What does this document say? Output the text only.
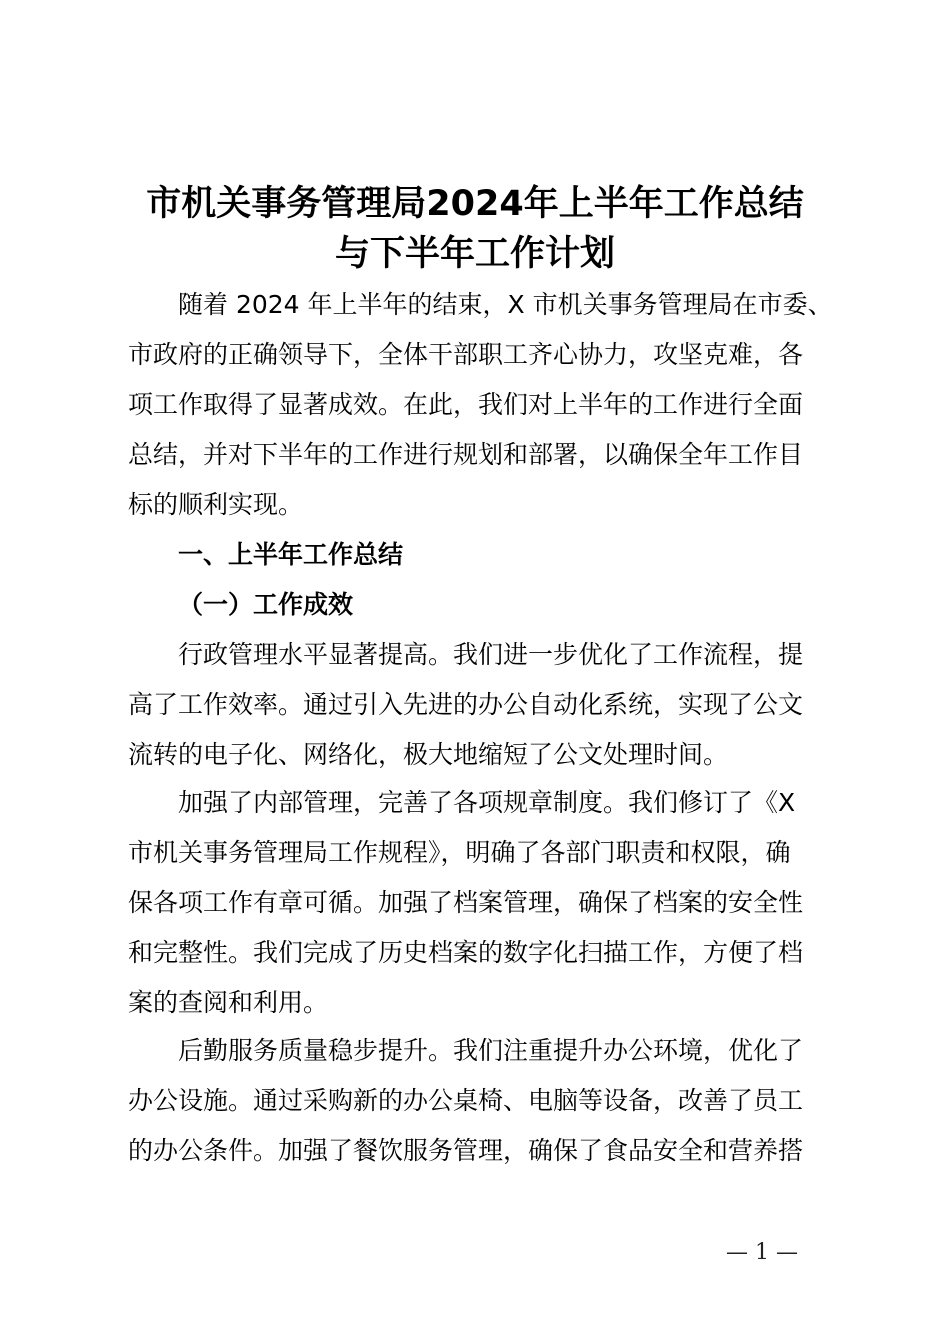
市机关事务管理局2024年上半年工作总结
与下半年工作计划
随着 2024 年上半年的结束，X 市机关事务管理局在市委、
市政府的正确领导下，全体干部职工齐心协力，攻坚克难，各
项工作取得了显著成效。在此，我们对上半年的工作进行全面
总结，并对下半年的工作进行规划和部署，以确保全年工作目
标的顺利实现。
一、上半年工作总结
（一）工作成效
行政管理水平显著提高。我们进一步优化了工作流程，提
高了工作效率。通过引入先进的办公自动化系统，实现了公文
流转的电子化、网络化，极大地缩短了公文处理时间。
加强了内部管理，完善了各项规章制度。我们修订了《X
市机关事务管理局工作规程》，明确了各部门职责和权限，确
保各项工作有章可循。加强了档案管理，确保了档案的安全性
和完整性。我们完成了历史档案的数字化扫描工作，方便了档
案的查阅和利用。
后勤服务质量稳步提升。我们注重提升办公环境，优化了
办公设施。通过采购新的办公桌椅、电脑等设备，改善了员工
的办公条件。加强了餐饮服务管理，确保了食品安全和营养搭
— 1 —
